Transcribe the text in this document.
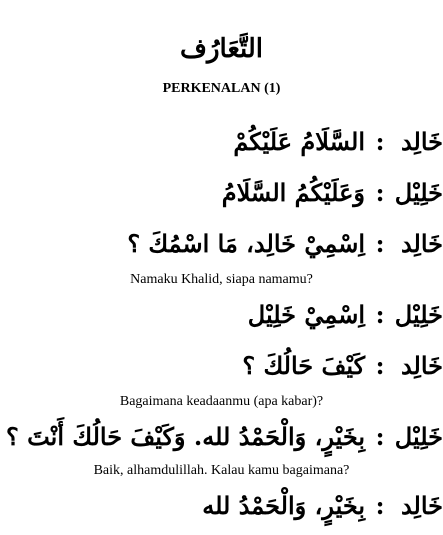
التَّعَارُف
PERKENALAN (1)
خَالِد:السَّلَامُ عَلَيْكُمْ
خَلِيْل:وَعَلَيْكُمُ السَّلَامُ
خَالِد:اِسْمِيْ خَالِد، مَا اسْمُكَ ؟
Namaku Khalid, siapa namamu?
خَلِيْل:اِسْمِيْ خَلِيْل
خَالِد:كَيْفَ حَالُكَ ؟
Bagaimana keadaanmu (apa kabar)?
خَلِيْل:بِخَيْرٍ، وَالْحَمْدُ لله. وَكَيْفَ حَالُكَ أَنْتَ ؟
Baik, alhamdulillah. Kalau kamu bagaimana?
خَالِد:بِخَيْرٍ، وَالْحَمْدُ لله
